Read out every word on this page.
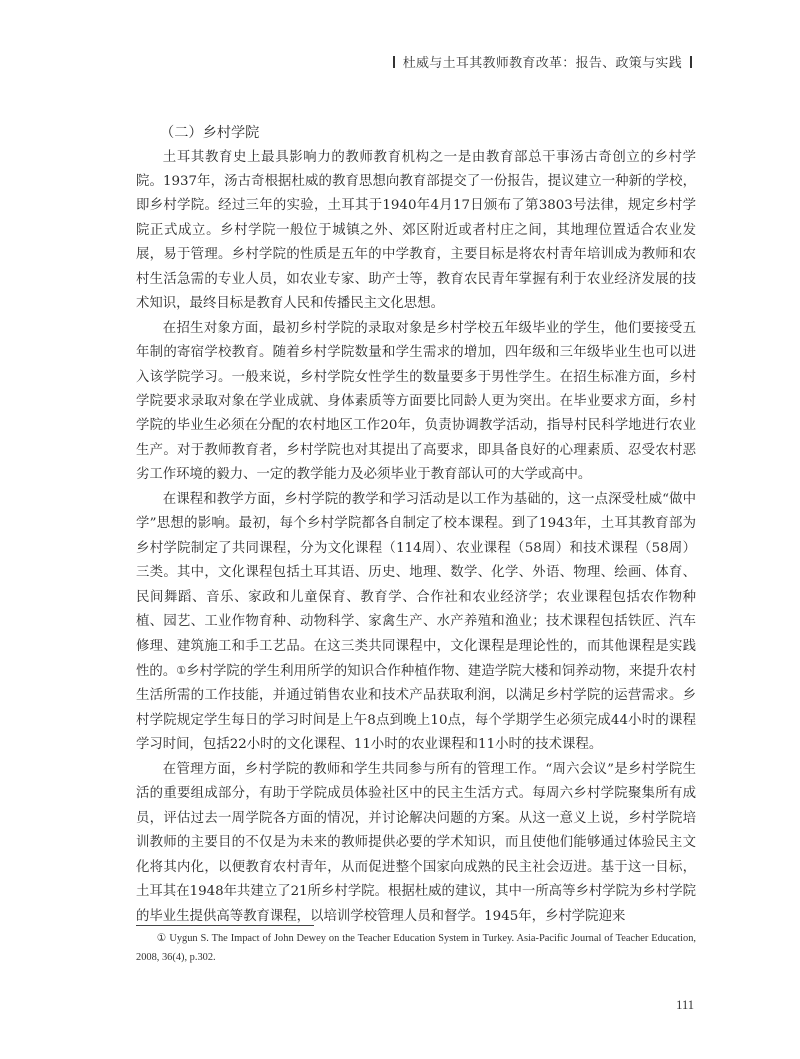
杜威与土耳其教师教育改革：报告、政策与实践

（二）乡村学院

土耳其教育史上最具影响力的教师教育机构之一是由教育部总干事汤古奇创立的乡村学院。1937年，汤古奇根据杜威的教育思想向教育部提交了一份报告，提议建立一种新的学校，即乡村学院。经过三年的实验，土耳其于1940年4月17日颁布了第3803号法律，规定乡村学院正式成立。乡村学院一般位于城镇之外、郊区附近或者村庄之间，其地理位置适合农业发展，易于管理。乡村学院的性质是五年的中学教育，主要目标是将农村青年培训成为教师和农村生活急需的专业人员，如农业专家、助产士等，教育农民青年掌握有利于农业经济发展的技术知识，最终目标是教育人民和传播民主文化思想。

在招生对象方面，最初乡村学院的录取对象是乡村学校五年级毕业的学生，他们要接受五年制的寄宿学校教育。随着乡村学院数量和学生需求的增加，四年级和三年级毕业生也可以进入该学院学习。一般来说，乡村学院女性学生的数量要多于男性学生。在招生标准方面，乡村学院要求录取对象在学业成就、身体素质等方面要比同龄人更为突出。在毕业要求方面，乡村学院的毕业生必须在分配的农村地区工作20年，负责协调教学活动，指导村民科学地进行农业生产。对于教师教育者，乡村学院也对其提出了高要求，即具备良好的心理素质、忍受农村恶劣工作环境的毅力、一定的教学能力及必须毕业于教育部认可的大学或高中。

在课程和教学方面，乡村学院的教学和学习活动是以工作为基础的，这一点深受杜威“做中学”思想的影响。最初，每个乡村学院都各自制定了校本课程。到了1943年，土耳其教育部为乡村学院制定了共同课程，分为文化课程（114周）、农业课程（58周）和技术课程（58周）三类。其中，文化课程包括土耳其语、历史、地理、数学、化学、外语、物理、绘画、体育、民间舞蹈、音乐、家政和儿童保育、教育学、合作社和农业经济学；农业课程包括农作物种植、园艺、工业作物育种、动物科学、家禽生产、水产养殖和渔业；技术课程包括铁匠、汽车修理、建筑施工和手工艺品。在这三类共同课程中，文化课程是理论性的，而其他课程是实践性的。①乡村学院的学生利用所学的知识合作种植作物、建造学院大楼和饲养动物，来提升农村生活所需的工作技能，并通过销售农业和技术产品获取利润，以满足乡村学院的运营需求。乡村学院规定学生每日的学习时间是上午8点到晚上10点，每个学期学生必须完成44小时的课程学习时间，包括22小时的文化课程、11小时的农业课程和11小时的技术课程。

在管理方面，乡村学院的教师和学生共同参与所有的管理工作。“周六会议”是乡村学院生活的重要组成部分，有助于学院成员体验社区中的民主生活方式。每周六乡村学院聚集所有成员，评估过去一周学院各方面的情况，并讨论解决问题的方案。从这一意义上说，乡村学院培训教师的主要目的不仅是为未来的教师提供必要的学术知识，而且使他们能够通过体验民主文化将其内化，以便教育农村青年，从而促进整个国家向成熟的民主社会迈进。基于这一目标，土耳其在1948年共建立了21所乡村学院。根据杜威的建议，其中一所高等乡村学院为乡村学院的毕业生提供高等教育课程，以培训学校管理人员和督学。1945年，乡村学院迎来

① Uygun S. The Impact of John Dewey on the Teacher Education System in Turkey. Asia-Pacific Journal of Teacher Education, 2008, 36(4), p.302.
111
